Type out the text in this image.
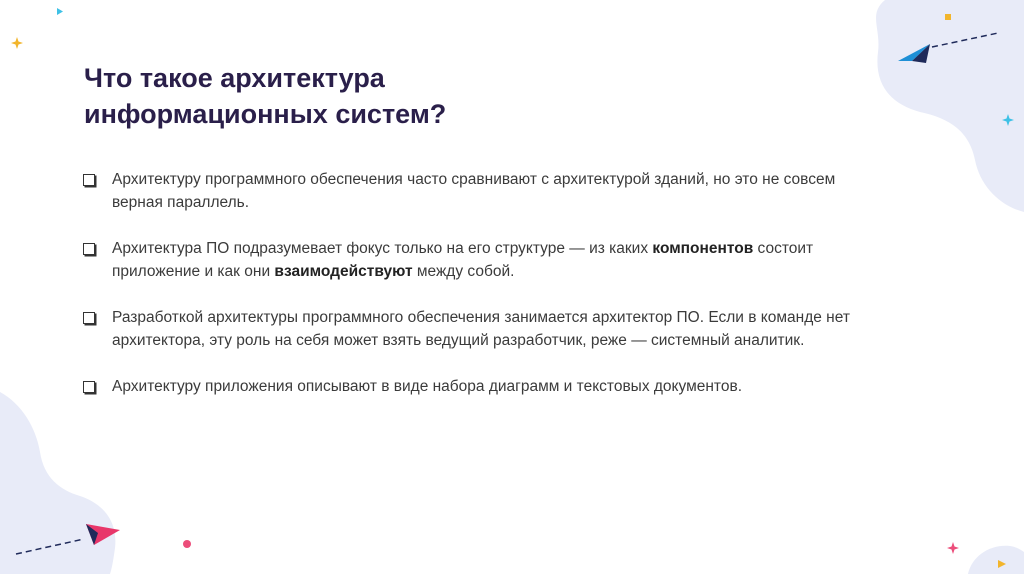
Что такое архитектура
информационных систем?
Архитектуру программного обеспечения часто сравнивают с архитектурой зданий, но это не совсем верная параллель.
Архитектура ПО подразумевает фокус только на его структуре — из каких компонентов состоит приложение и как они взаимодействуют между собой.
Разработкой архитектуры программного обеспечения занимается архитектор ПО. Если в команде нет архитектора, эту роль на себя может взять ведущий разработчик, реже — системный аналитик.
Архитектуру приложения описывают в виде набора диаграмм и текстовых документов.
